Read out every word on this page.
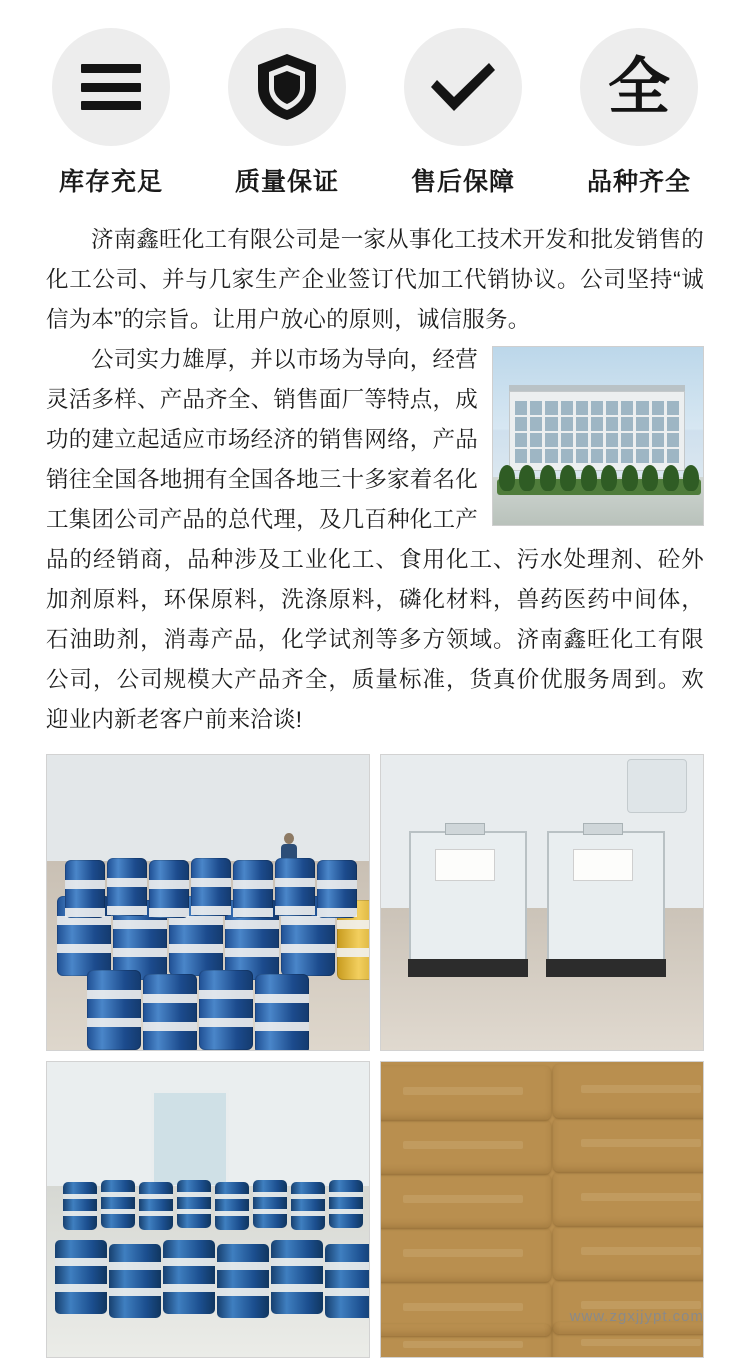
库存充足	质量保证	售后保障
全
品种齐全

济南鑫旺化工有限公司是一家从事化工技术开发和批发销售的化工公司、并与几家生产企业签订代加工代销协议。公司坚持“诚信为本”的宗旨。让用户放心的原则，诚信服务。

公司实力雄厚，并以市场为导向，经营灵活多样、产品齐全、销售面厂等特点，成功的建立起适应市场经济的销售网络，产品销往全国各地拥有全国各地三十多家着名化工集团公司产品的总代理，及几百种化工产品的经销商，品种涉及工业化工、食用化工、污水处理剂、砼外加剂原料，环保原料，洗涤原料，磷化材料，兽药医药中间体，石油助剂，消毒产品，化学试剂等多方领域。济南鑫旺化工有限公司，公司规模大产品齐全，质量标准，货真价优服务周到。欢迎业内新老客户前来洽谈!

www.zgxjjypt.com
